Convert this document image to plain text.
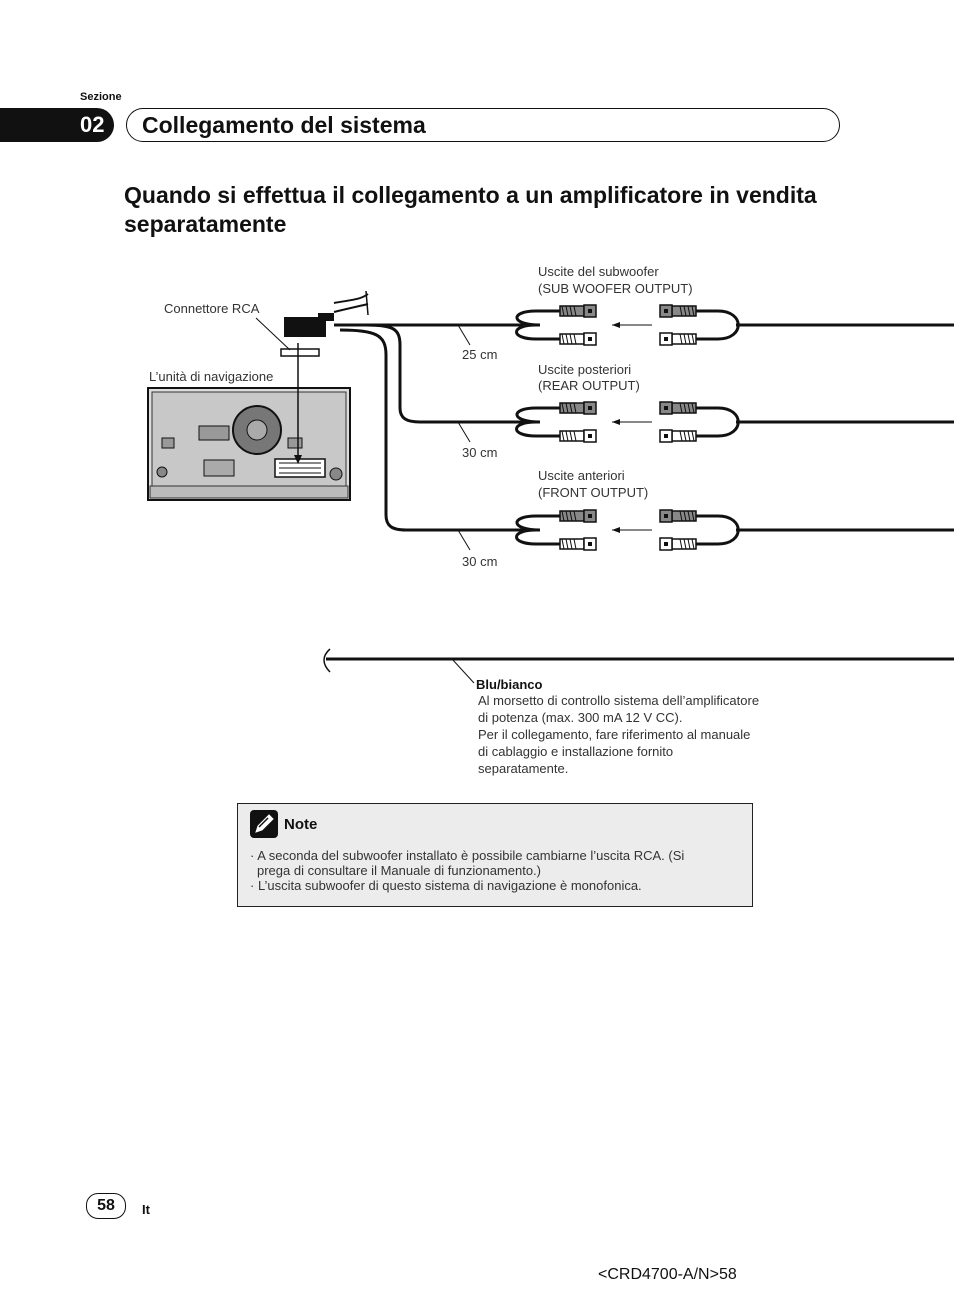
Sezione
02 Collegamento del sistema
Quando si effettua il collegamento a un amplificatore in vendita separatamente
Connettore RCA
L’unità di navigazione
Uscite del subwoofer
(SUB WOOFER OUTPUT)
Uscite posteriori
(REAR OUTPUT)
Uscite anteriori
(FRONT OUTPUT)
25 cm
30 cm
30 cm
Blu/bianco
Al morsetto di controllo sistema dell’amplificatore
di potenza (max. 300 mA 12 V CC).
Per il collegamento, fare riferimento al manuale
di cablaggio e installazione fornito
separatamente.
Note
· A seconda del subwoofer installato è possibile cambiarne l’uscita RCA. (Si
prega di consultare il Manuale di funzionamento.)
· L’uscita subwoofer di questo sistema di navigazione è monofonica.
58	It
<CRD4700-A/N>58
